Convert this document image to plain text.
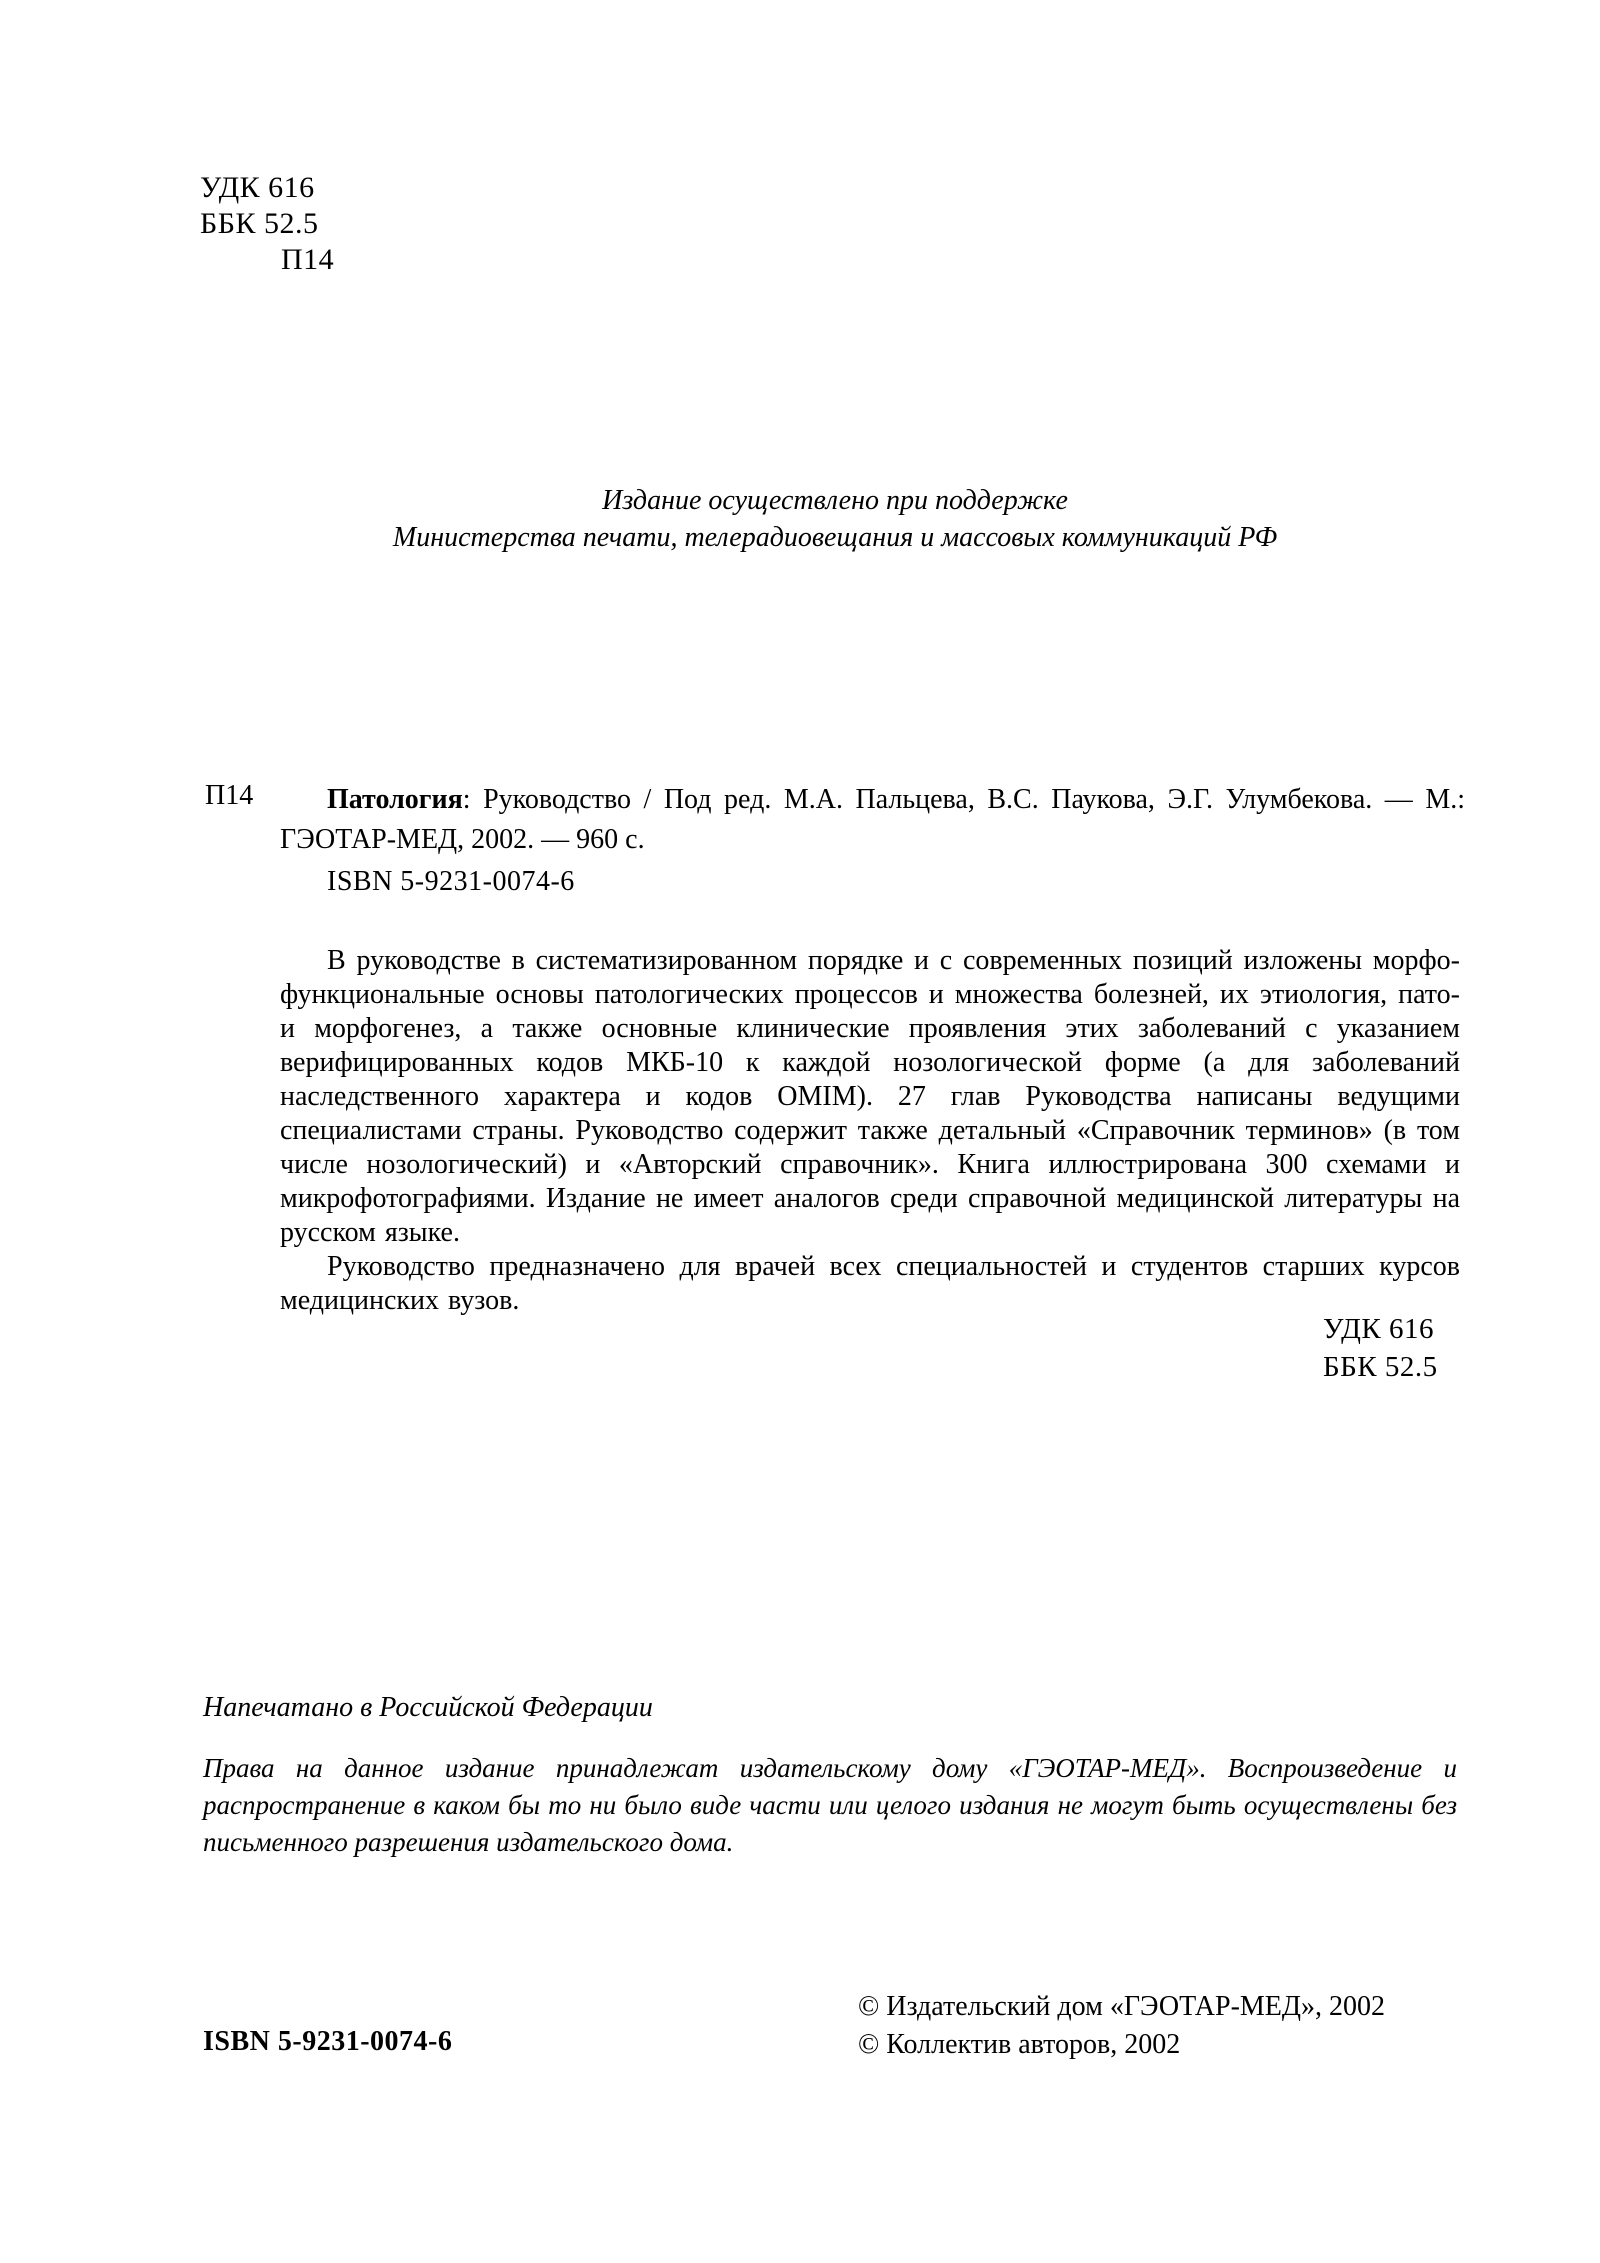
УДК 616
ББК 52.5
П14
Издание осуществлено при поддержке
Министерства печати, телерадиовещания и массовых коммуникаций РФ
П14	Патология: Руководство / Под ред. М.А. Пальцева, В.С. Паукова, Э.Г. Улумбекова. — М.: ГЭОТАР-МЕД, 2002. — 960 с.

ISBN 5-9231-0074-6

В руководстве в систематизированном порядке и с современных позиций изложены морфо-функциональные основы патологических процессов и множества болезней, их этиология, пато- и морфогенез, а также основные клинические проявления этих заболеваний с указанием верифицированных кодов МКБ-10 к каждой нозологической форме (а для заболеваний наследственного характера и кодов OMIM). 27 глав Руководства написаны ведущими специалистами страны. Руководство содержит также детальный «Справочник терминов» (в том числе нозологический) и «Авторский справочник». Книга иллюстрирована 300 схемами и микрофотографиями. Издание не имеет аналогов среди справочной медицинской литературы на русском языке.

Руководство предназначено для врачей всех специальностей и студентов старших курсов медицинских вузов.

УДК 616
ББК 52.5
Напечатано в Российской Федерации

Права на данное издание принадлежат издательскому дому «ГЭОТАР-МЕД». Воспроизведение и распространение в каком бы то ни было виде части или целого издания не могут быть осуществлены без письменного разрешения издательского дома.

ISBN 5-9231-0074-6
© Издательский дом «ГЭОТАР-МЕД», 2002
© Коллектив авторов, 2002
